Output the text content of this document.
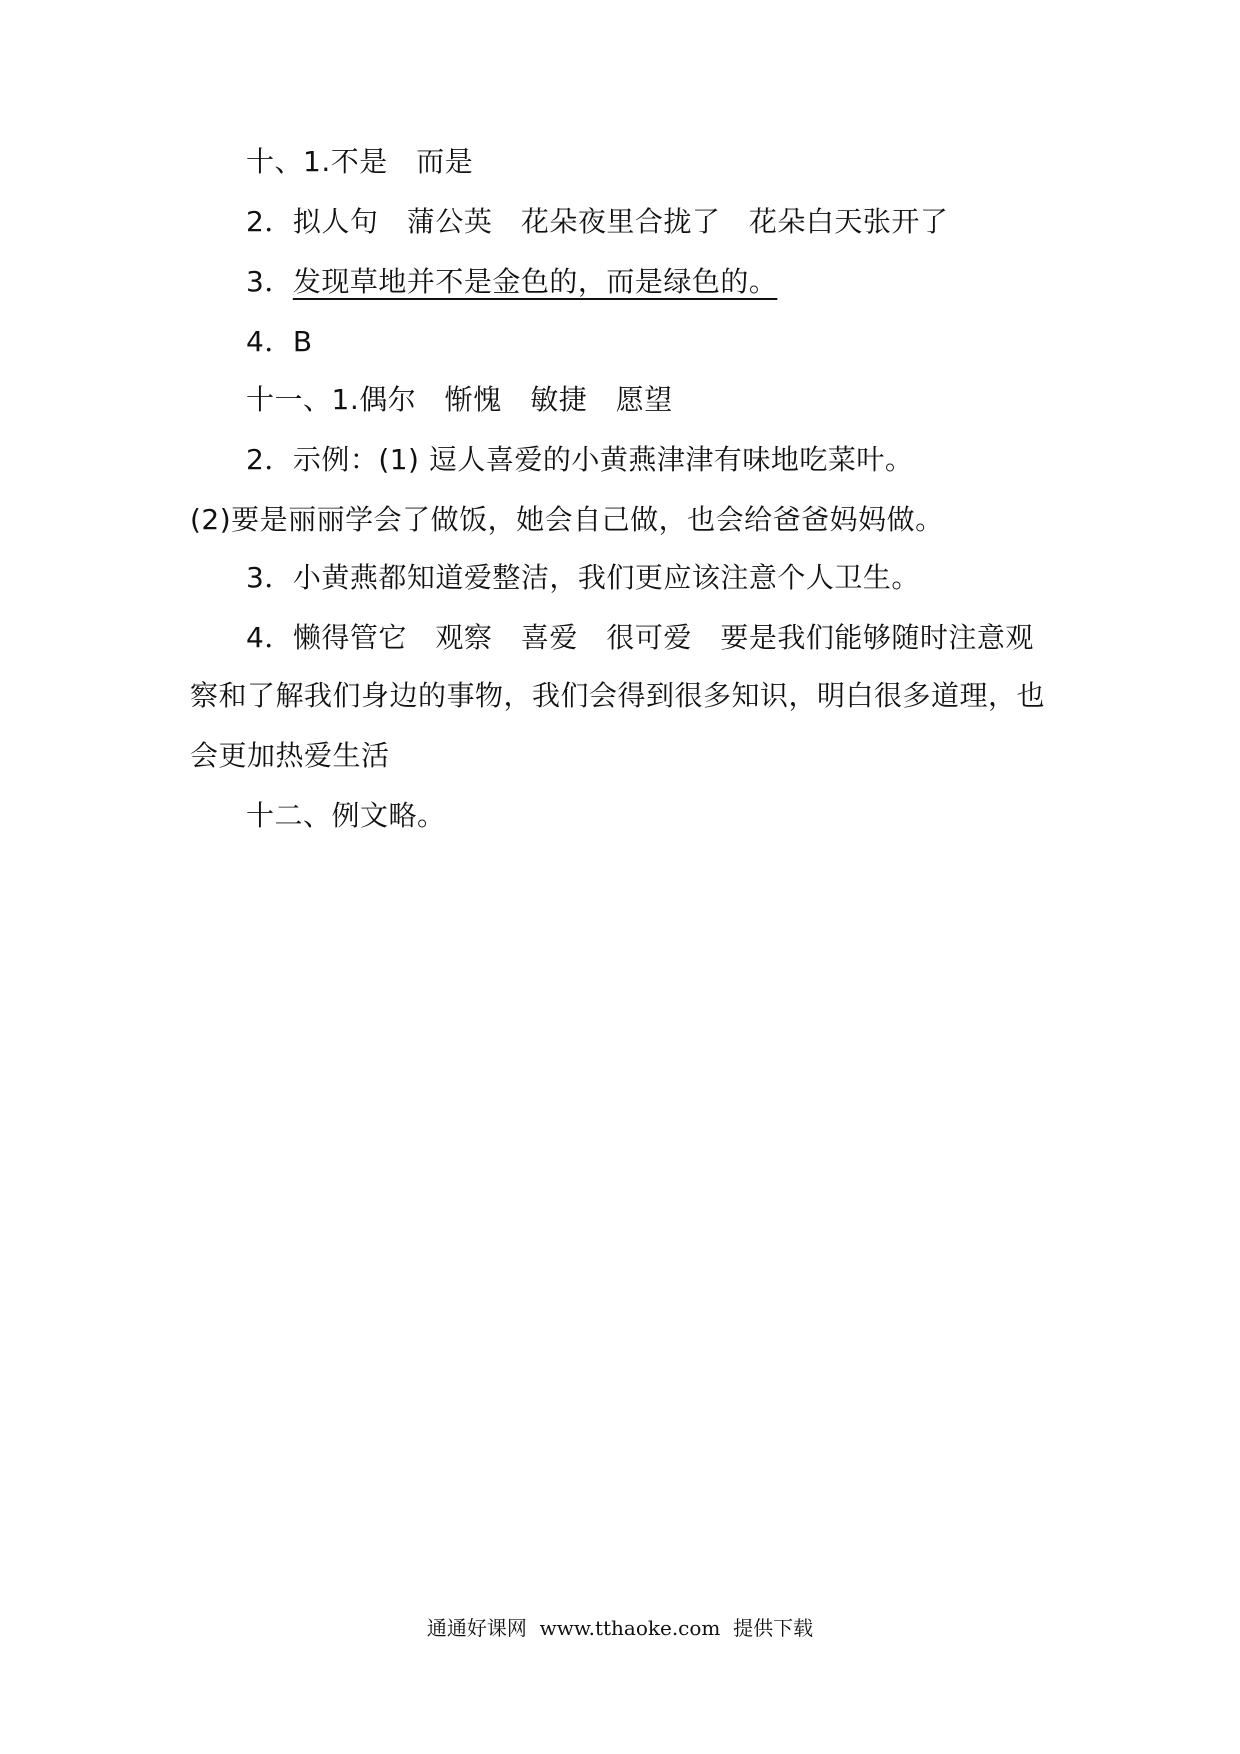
十、1.不是　而是
2．拟人句　蒲公英　花朵夜里合拢了　花朵白天张开了
3．发现草地并不是金色的，而是绿色的。
4．B
十一、1.偶尔　惭愧　敏捷　愿望
2．示例：(1) 逗人喜爱的小黄燕津津有味地吃菜叶。
(2)要是丽丽学会了做饭，她会自己做，也会给爸爸妈妈做。
3．小黄燕都知道爱整洁，我们更应该注意个人卫生。
4．懒得管它　观察　喜爱　很可爱　要是我们能够随时注意观
察和了解我们身边的事物，我们会得到很多知识，明白很多道理，也
会更加热爱生活
十二、例文略。
通通好课网  www.tthaoke.com  提供下载
